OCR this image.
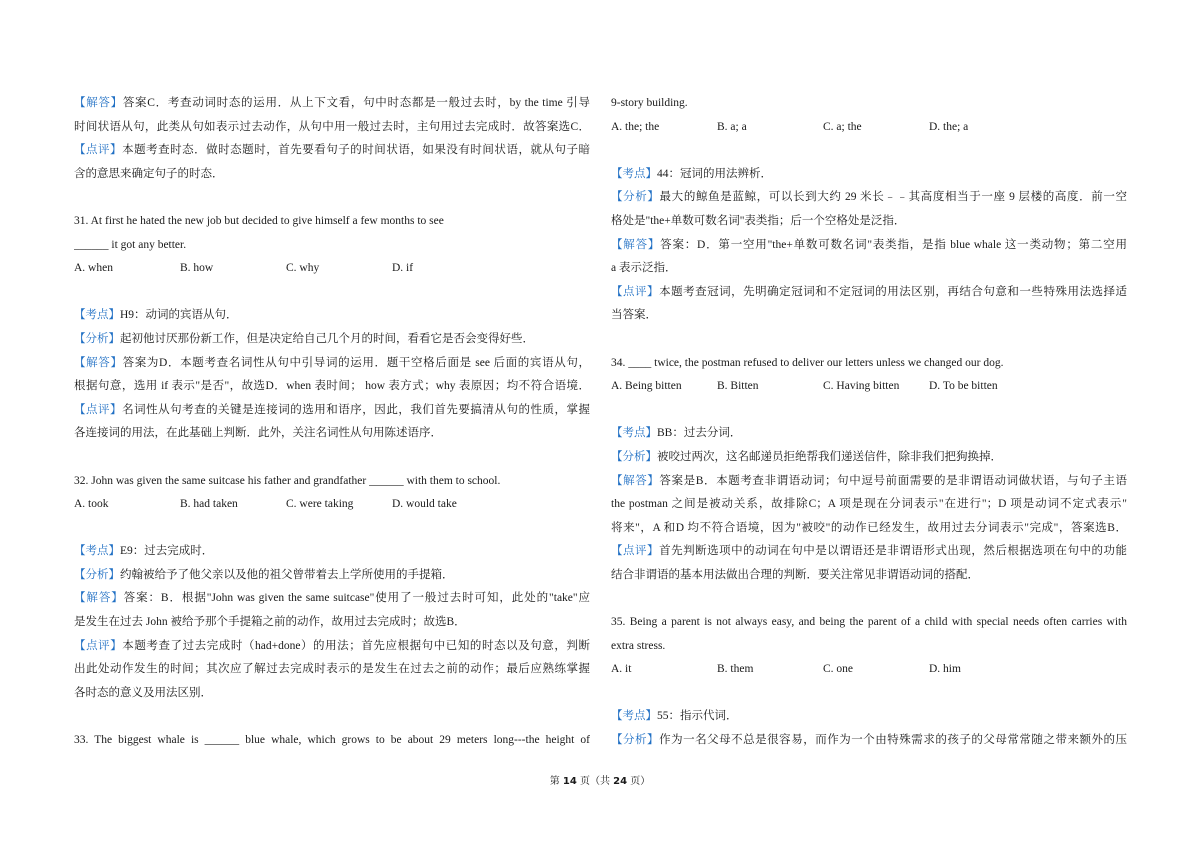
【解答】答案C．考查动词时态的运用．从上下文看，句中时态都是一般过去时，by the time 引导
时间状语从句，此类从句如表示过去动作，从句中用一般过去时，主句用过去完成时．故答案选C．
【点评】本题考查时态．做时态题时，首先要看句子的时间状语，如果没有时间状语，就从句子暗
含的意思来确定句子的时态．
31. At first he hated the new job but decided to give himself a few months to see
______ it got any better.
A. when	B. how	C. why	D. if
【考点】H9：动词的宾语从句．
【分析】起初他讨厌那份新工作，但是决定给自己几个月的时间，看看它是否会变得好些．
【解答】答案为D．本题考查名词性从句中引导词的运用．题干空格后面是 see 后面的宾语从句，
根据句意，选用 if 表示"是否"，故选D．when 表时间； how 表方式；why 表原因；均不符合语境．
【点评】名词性从句考查的关键是连接词的选用和语序，因此，我们首先要搞清从句的性质，掌握
各连接词的用法，在此基础上判断．此外，关注名词性从句用陈述语序．
32. John was given the same suitcase his father and grandfather ______ with them to school.
A. took	B. had taken	C. were taking	D. would take
【考点】E9：过去完成时．
【分析】约翰被给予了他父亲以及他的祖父曾带着去上学所使用的手提箱．
【解答】答案：B．根据"John was given the same suitcase"使用了一般过去时可知，此处的"take"应
是发生在过去 John 被给予那个手提箱之前的动作，故用过去完成时；故选B．
【点评】本题考查了过去完成时（had+done）的用法；首先应根据句中已知的时态以及句意，判断
出此处动作发生的时间；其次应了解过去完成时表示的是发生在过去之前的动作；最后应熟练掌握
各时态的意义及用法区别．
33. The biggest whale is ______ blue whale, which grows to be about 29 meters long---the height of
9-story building.
A. the; the	B. a; a	C. a; the	D. the; a
【考点】44：冠词的用法辨析．
【分析】最大的鲸鱼是蓝鲸，可以长到大约 29 米长﹣﹣其高度相当于一座 9 层楼的高度．前一空
格处是"the+单数可数名词"表类指；后一个空格处是泛指．
【解答】答案：D．第一空用"the+单数可数名词"表类指，是指 blue whale 这一类动物；第二空用
a 表示泛指．
【点评】本题考查冠词，先明确定冠词和不定冠词的用法区别，再结合句意和一些特殊用法选择适
当答案．
34. ____ twice, the postman refused to deliver our letters unless we changed our dog.
A. Being bitten	B. Bitten	C. Having bitten	D. To be bitten
【考点】BB：过去分词．
【分析】被咬过两次，这名邮递员拒绝帮我们递送信件，除非我们把狗换掉．
【解答】答案是B．本题考查非谓语动词；句中逗号前面需要的是非谓语动词做状语，与句子主语
the postman 之间是被动关系，故排除C；A 项是现在分词表示"在进行"；D 项是动词不定式表示"
将来"，A 和D 均不符合语境，因为"被咬"的动作已经发生，故用过去分词表示"完成"，答案选B．
【点评】首先判断选项中的动词在句中是以谓语还是非谓语形式出现，然后根据选项在句中的功能
结合非谓语的基本用法做出合理的判断．要关注常见非谓语动词的搭配．
35. Being a parent is not always easy, and being the parent of a child with special needs often carries with
extra stress.
A. it	B. them	C. one	D. him
【考点】55：指示代词．
【分析】作为一名父母不总是很容易，而作为一个由特殊需求的孩子的父母常常随之带来额外的压
第 14 页（共 24 页）
